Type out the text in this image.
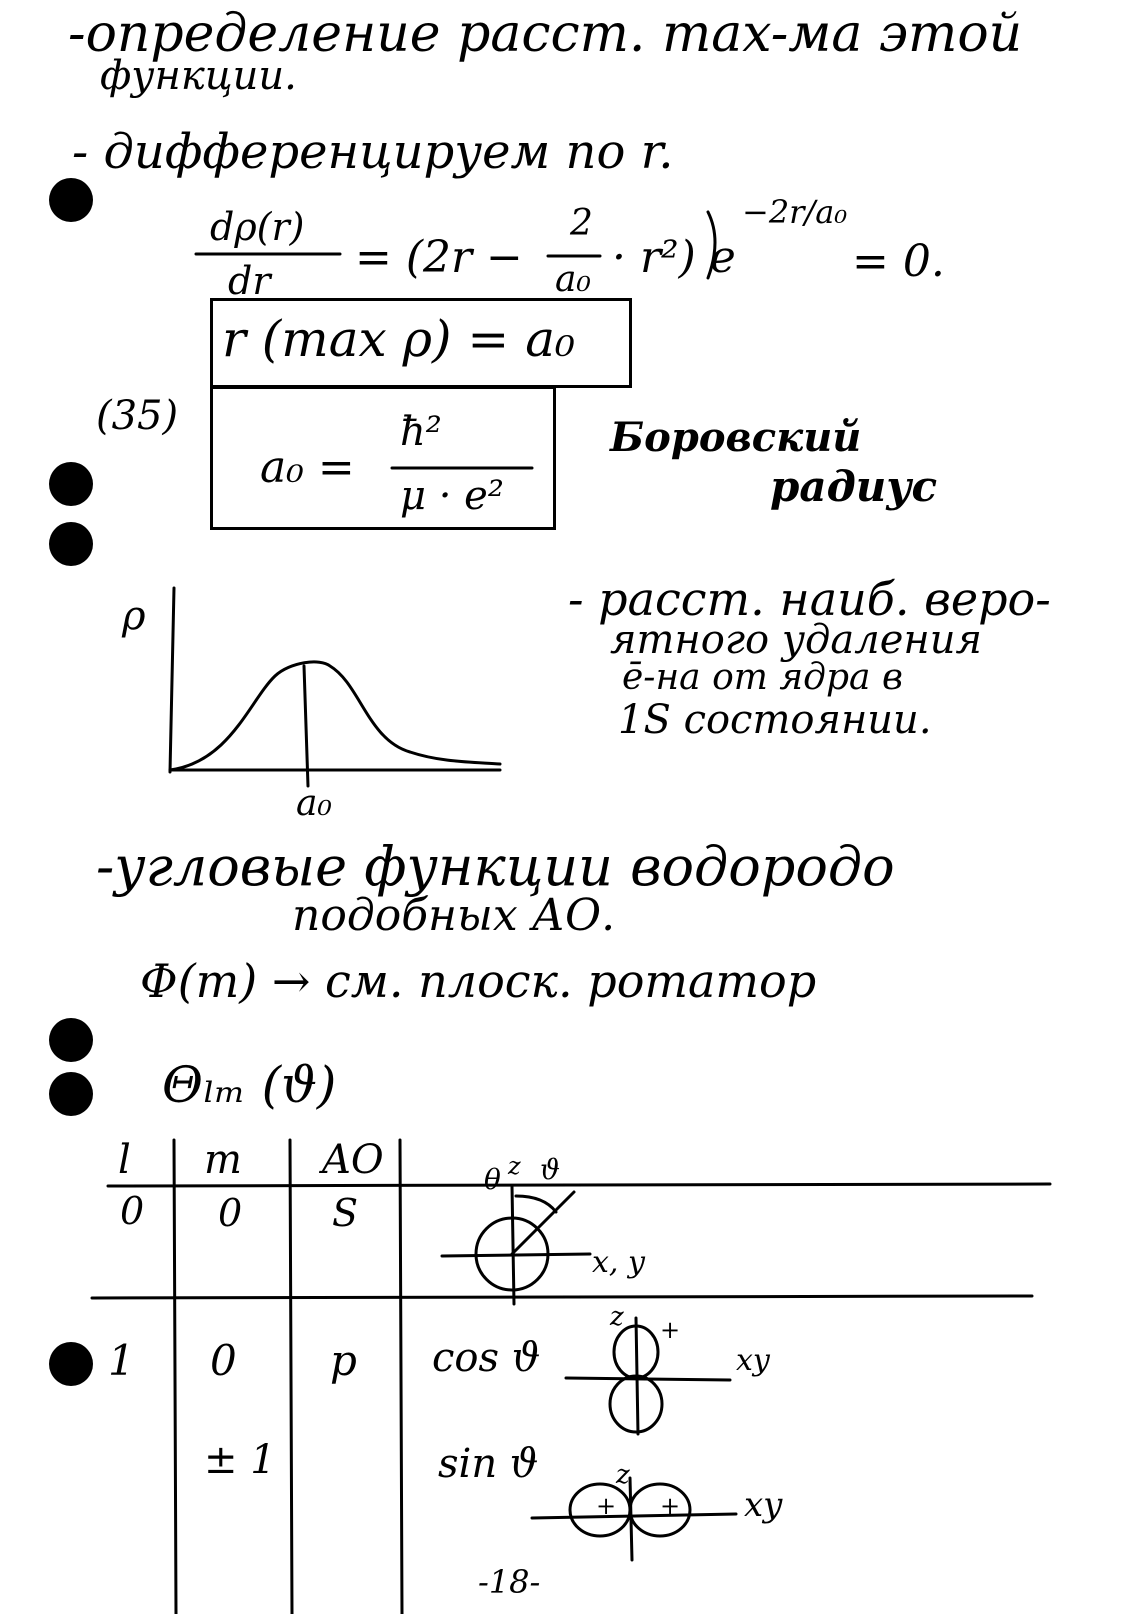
-определение расст. max-ма этой
функции.
- дифференцируем по r.
dρ(r)
dr = (2r −
2
a₀ · r²) e
−2r/a₀
= 0.
r (max ρ) = a₀
(35)
a₀ =
ħ²
μ · e²
Боровский
радиус
- расст. наиб. веро-
ятного удаления
ē-на от ядра в
1S состоянии.
ρ
a₀
-угловые функции водородо
подобных АО.
Φ(m) → см. плоск. ротатор
Θₗₘ (ϑ)
l m AO
0 0 S
1 0 p cos ϑ
± 1	sin ϑ
z
θ ϑ
x, y
z +
xy
z
+ + xy
-18-
